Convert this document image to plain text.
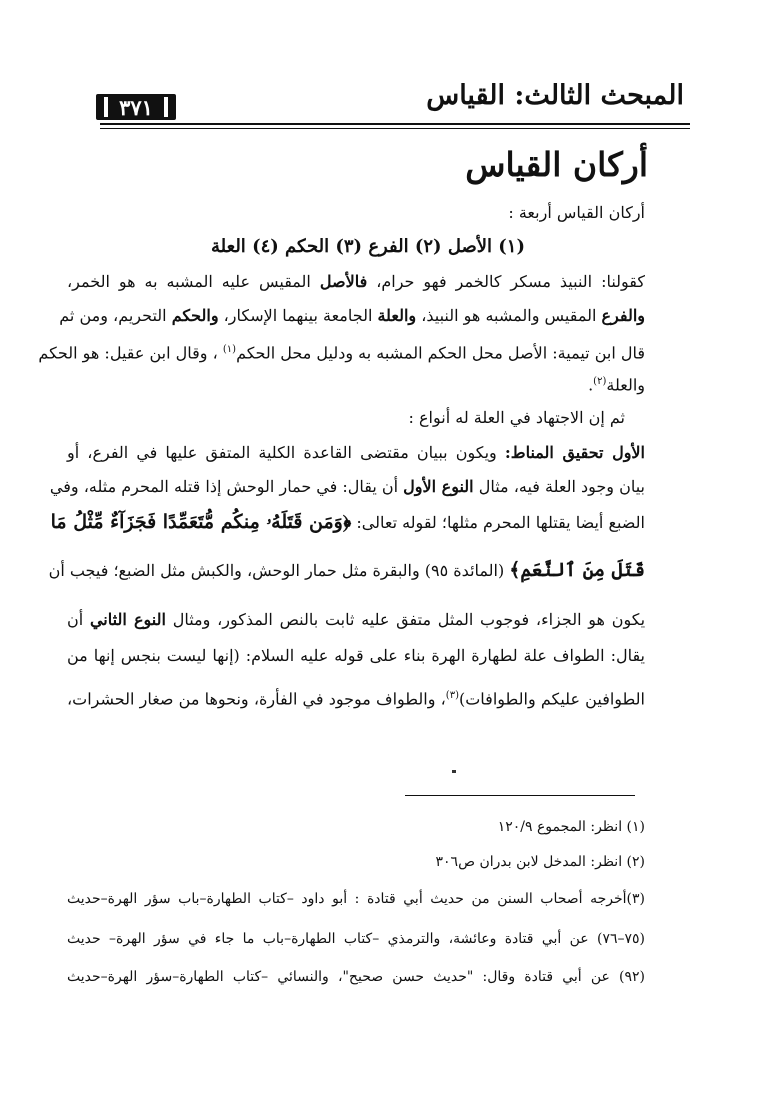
المبحث الثالث: القياس
٣٧١
أركان القياس
أركان القياس أربعة :
(١) الأصل (٢) الفرع (٣) الحكم (٤) العلة
كقولنا: النبيذ مسكر كالخمر فهو حرام، فالأصل المقيس عليه المشبه به هو الخمر،
والفرع المقيس والمشبه هو النبيذ، والعلة الجامعة بينهما الإسكار، والحكم التحريم، ومن ثم
قال ابن تيمية: الأصل محل الحكم المشبه به ودليل محل الحكم$^{(١)}$ ، وقال ابن عقيل: هو الحكم
والعلة$^{(٢)}$.
ثم إن الاجتهاد في العلة له أنواع :
الأول تحقيق المناط: ويكون ببيان مقتضى القاعدة الكلية المتفق عليها في الفرع، أو
بيان وجود العلة فيه، مثال النوع الأول أن يقال: في حمار الوحش إذا قتله المحرم مثله، وفي
الضبع أيضا يقتلها المحرم مثلها؛ لقوله تعالى: ﴿وَمَن قَتَلَهُۥ مِنكُم مُّتَعَمِّدًا فَجَزَآءٌ مِّثْلُ مَا
قَتَلَ مِنَ ٱلنَّعَمِ﴾ (المائدة ٩٥) والبقرة مثل حمار الوحش، والكبش مثل الضبع؛ فيجب أن
يكون هو الجزاء، فوجوب المثل متفق عليه ثابت بالنص المذكور، ومثال النوع الثاني أن
يقال: الطواف علة لطهارة الهرة بناء على قوله عليه السلام: (إنها ليست بنجس إنها من
الطوافين عليكم والطوافات)$^{(٣)}$، والطواف موجود في الفأرة، ونحوها من صغار الحشرات،
(١) انظر: المجموع ١٢٠/٩
(٢) انظر: المدخل لابن بدران ص٣٠٦
(٣)أخرجه أصحاب السنن من حديث أبي قتادة : أبو داود –كتاب الطهارة–باب سؤر الهرة–حديث
(٧٥–٧٦) عن أبي قتادة وعائشة، والترمذي –كتاب الطهارة–باب ما جاء في سؤر الهرة– حديث
(٩٢) عن أبي قتادة وقال: "حديث حسن صحيح"، والنسائي –كتاب الطهارة–سؤر الهرة–حديث
